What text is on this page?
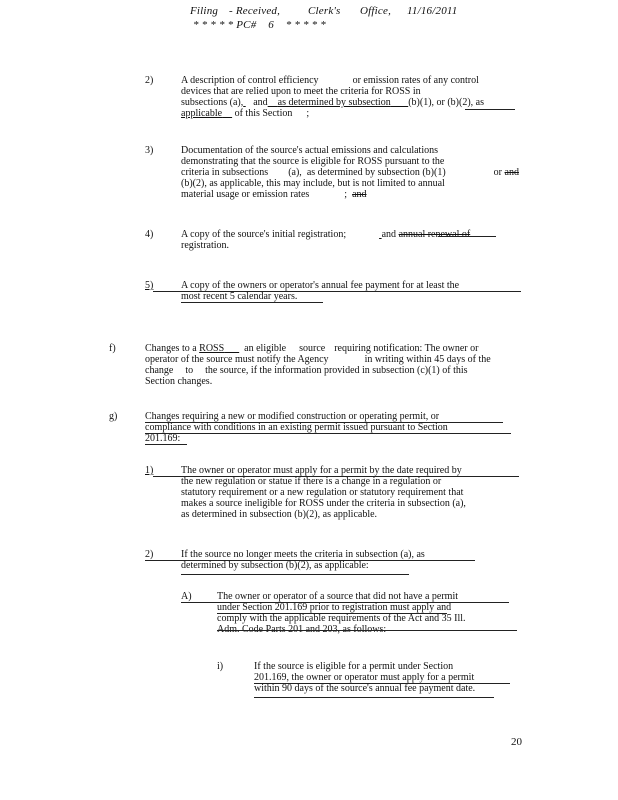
Filing - Received,	Clerk's Office, 11/16/2011
* * * * * PC#    6    * * * * *
2)	A description of control efficiency	or emission rates of any control
devices that are relied upon to meet the criteria for ROSS in
subsections (a), and as determined by subsection (b)(1), or (b)(2), as
applicable of this Section ;
3)	Documentation of the source's actual emissions and calculations
demonstrating that the source is eligible for ROSS pursuant to the
criteria in subsections (a), as determined by subsection (b)(1)	or and
(b)(2), as applicable, this may include, but is not limited to annual
material usage or emission rates	; and
4)	A copy of the source's initial registration;	and annual renewal of
registration.
5)	A copy of the owners or operator's annual fee payment for at least the
most recent 5 calendar years.
f)	Changes to a ROSS an eligible source requiring notification: The owner or
operator of the source must notify the Agency	in writing within 45 days of the
change to the source, if the information provided in subsection (c)(1) of this
Section changes.
g)	Changes requiring a new or modified construction or operating permit, or
compliance with conditions in an existing permit issued pursuant to Section
201.169:
1)	The owner or operator must apply for a permit by the date required by
the new regulation or statue if there is a change in a regulation or
statutory requirement or a new regulation or statutory requirement that
makes a source ineligible for ROSS under the criteria in subsection (a),
as determined in subsection (b)(2), as applicable.
2)	If the source no longer meets the criteria in subsection (a), as
determined by subsection (b)(2), as applicable:
A)	The owner or operator of a source that did not have a permit
under Section 201.169 prior to registration must apply and
comply with the applicable requirements of the Act and 35 Ill.
Adm. Code Parts 201 and 203, as follows:
i)	If the source is eligible for a permit under Section
201.169, the owner or operator must apply for a permit
within 90 days of the source's annual fee payment date.
20
